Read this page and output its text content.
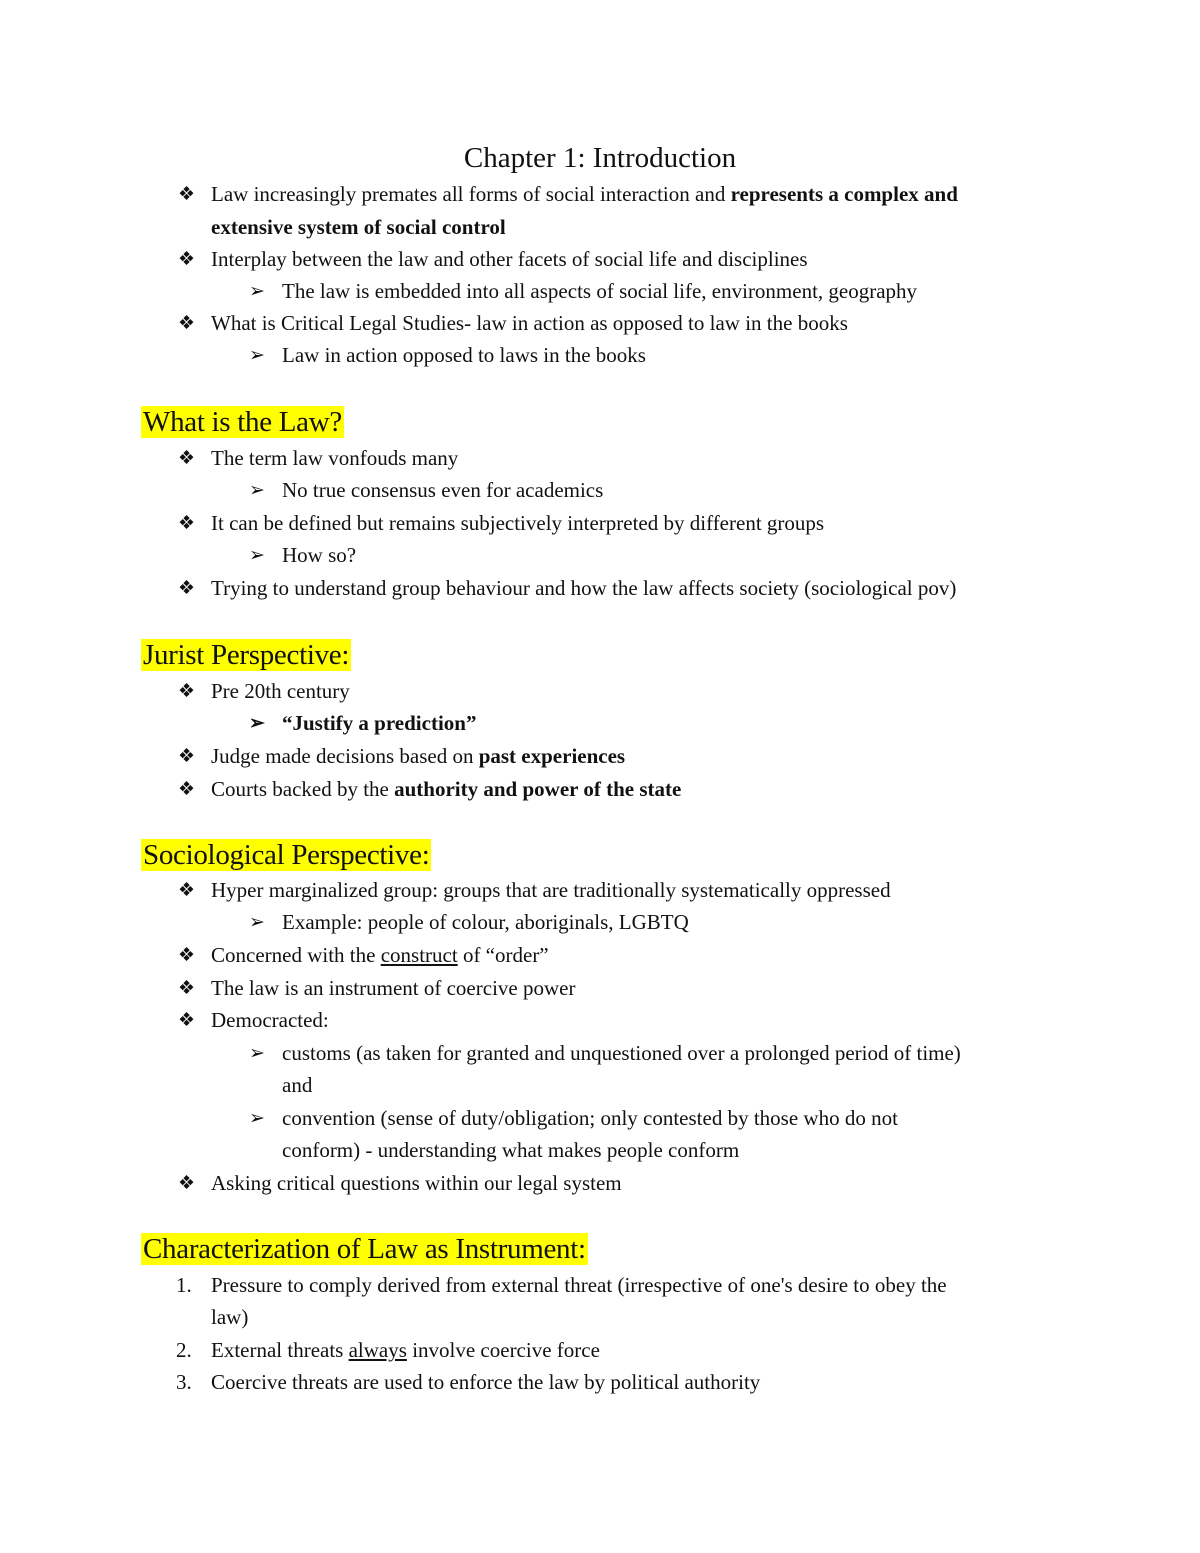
Chapter 1: Introduction
❖ Law increasingly premates all forms of social interaction and represents a complex and
extensive system of social control
❖ Interplay between the law and other facets of social life and disciplines
➢ The law is embedded into all aspects of social life, environment, geography
❖ What is Critical Legal Studies- law in action as opposed to law in the books
➢ Law in action opposed to laws in the books
What is the Law?
❖ The term law vonfouds many
➢ No true consensus even for academics
❖ It can be defined but remains subjectively interpreted by different groups
➢ How so?
❖ Trying to understand group behaviour and how the law affects society (sociological pov)
Jurist Perspective:
❖ Pre 20th century
➢ “Justify a prediction”
❖ Judge made decisions based on past experiences
❖ Courts backed by the authority and power of the state
Sociological Perspective:
❖ Hyper marginalized group: groups that are traditionally systematically oppressed
➢ Example: people of colour, aboriginals, LGBTQ
❖ Concerned with the construct of “order”
❖ The law is an instrument of coercive power
❖ Democracted:
➢ customs (as taken for granted and unquestioned over a prolonged period of time)
and
➢ convention (sense of duty/obligation; only contested by those who do not
conform) - understanding what makes people conform
❖ Asking critical questions within our legal system
Characterization of Law as Instrument:
1. Pressure to comply derived from external threat (irrespective of one's desire to obey the
law)
2. External threats always involve coercive force
3. Coercive threats are used to enforce the law by political authority
